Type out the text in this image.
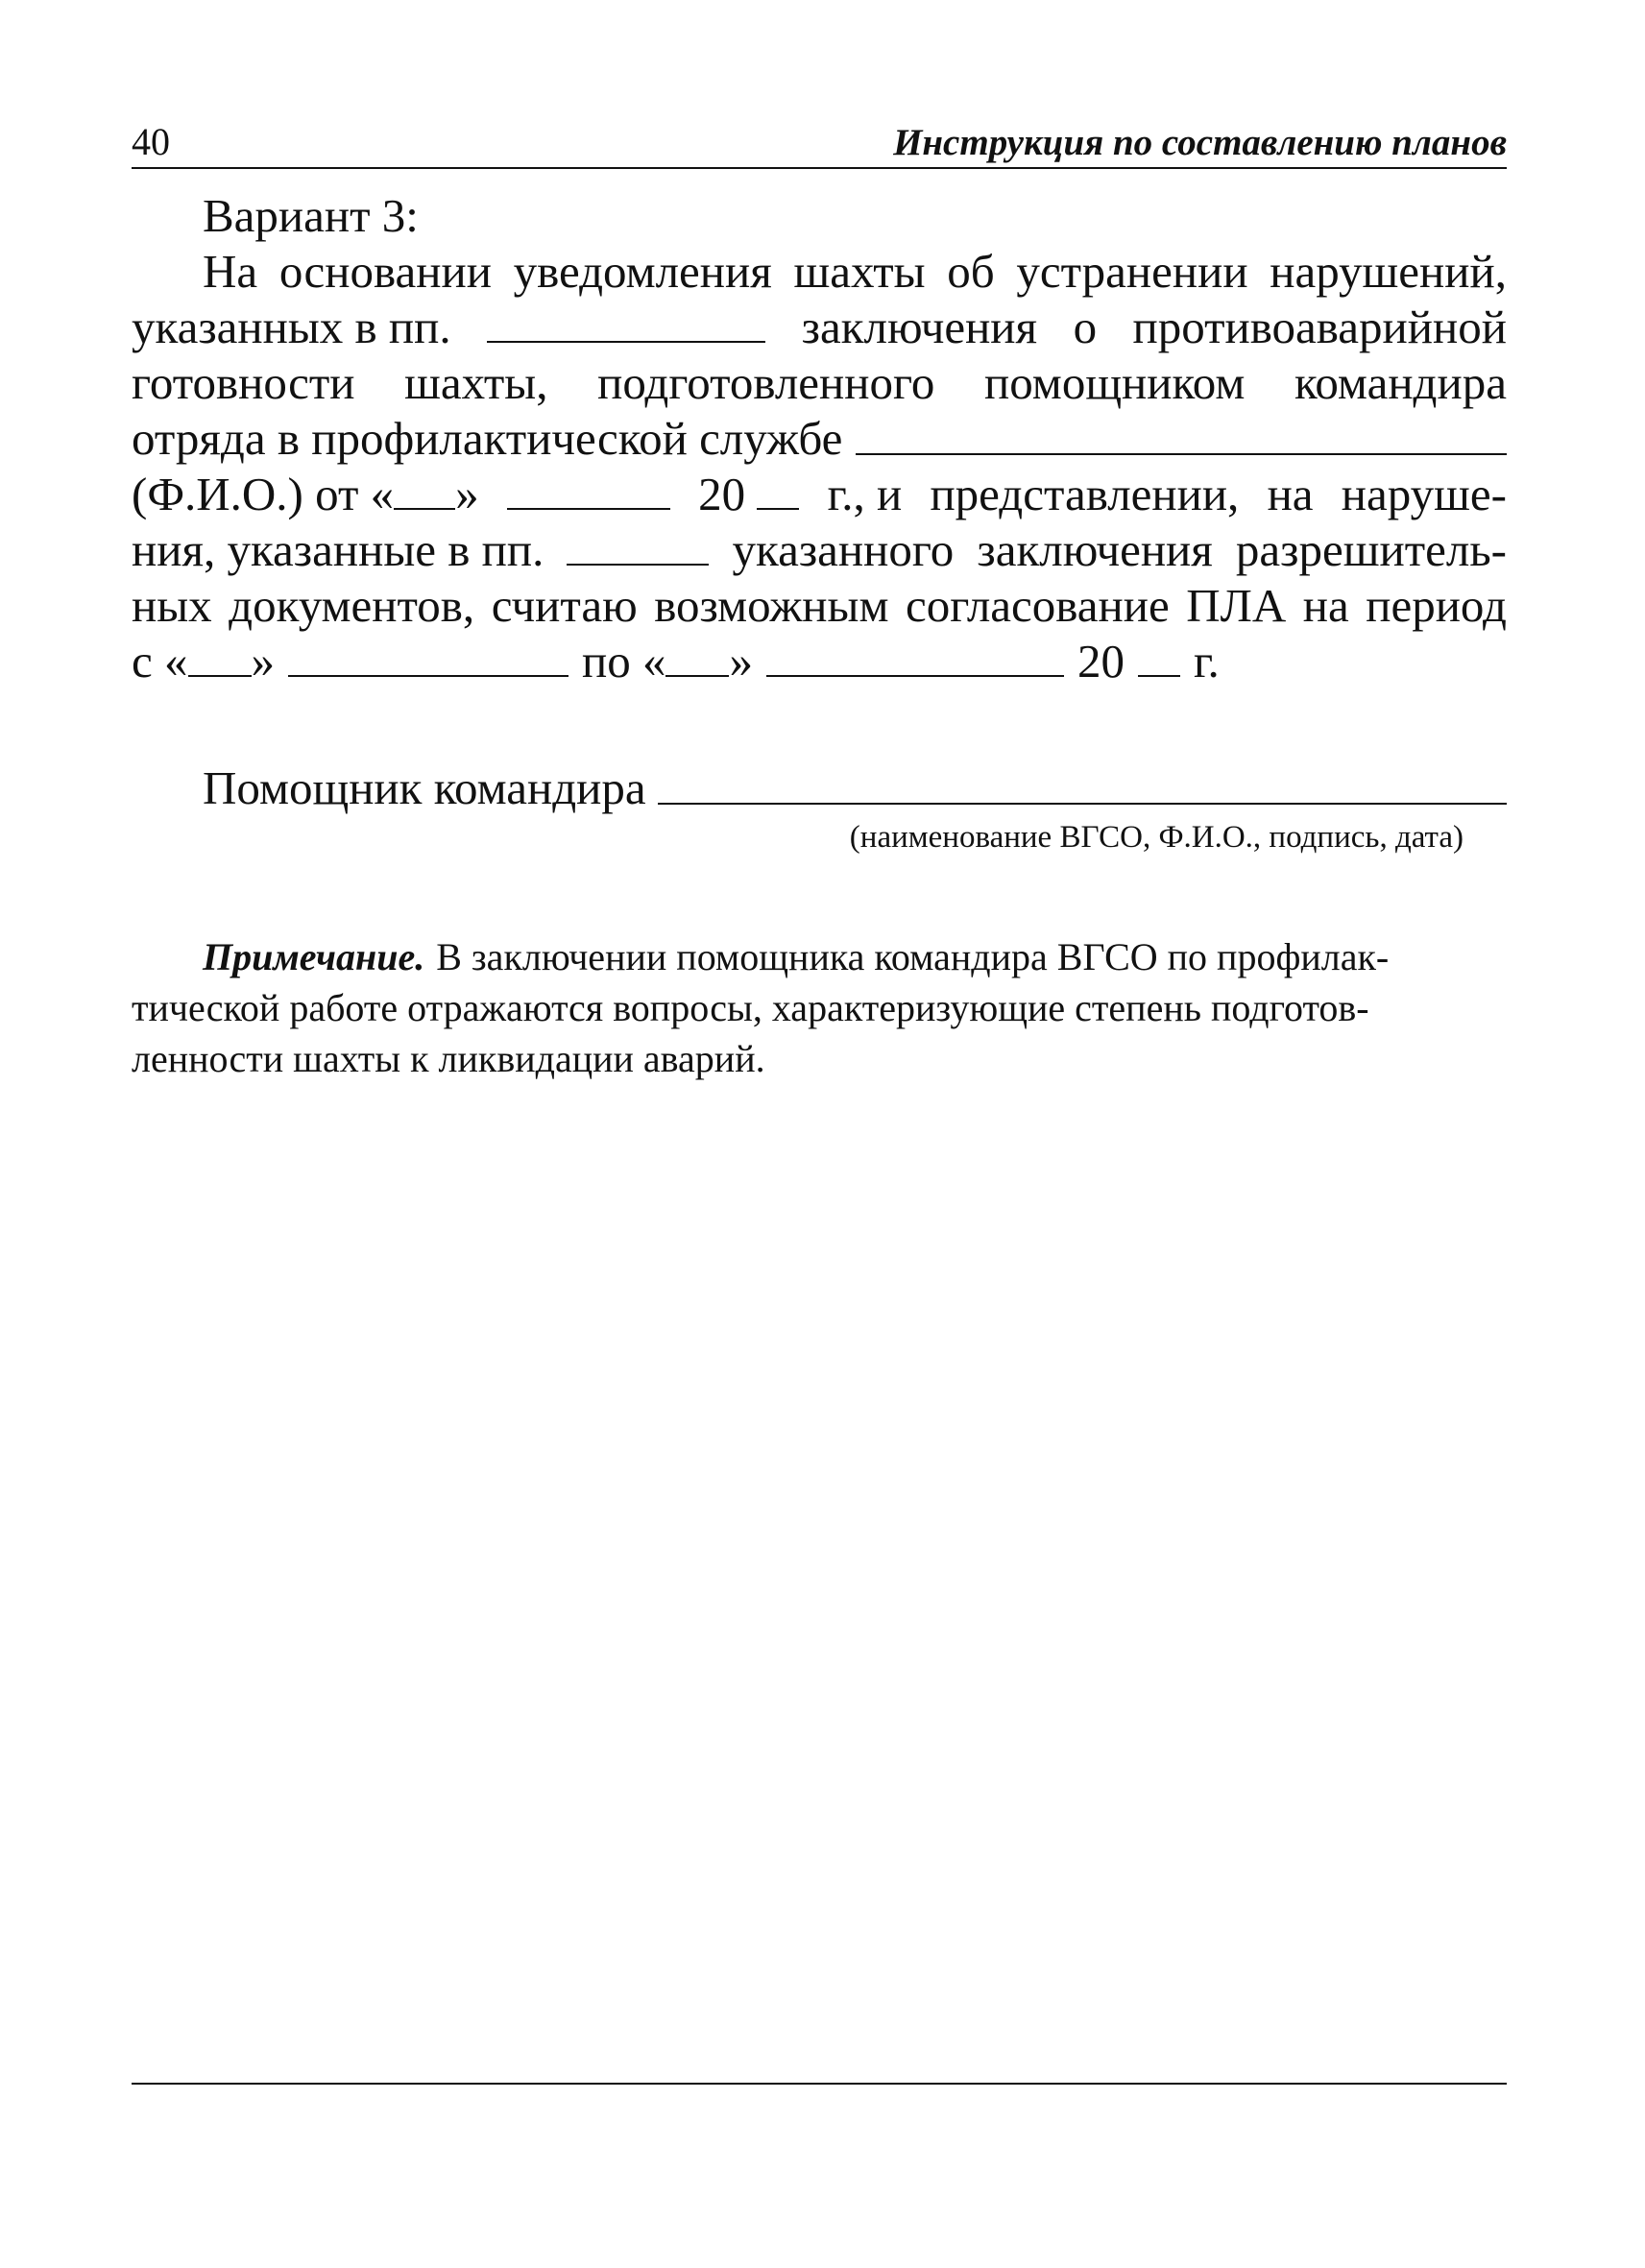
40	Инструкция по составлению планов
Вариант 3:
На основании уведомления шахты об устранении нарушений,
указанных в пп.	заключения о противоаварийной
готовности шахты, подготовленного помощником командира
отряда в профилактической службе
(Ф.И.О.) от « »	20	г., и представлении, на наруше-
ния, указанные в пп.	указанного заключения разрешитель-
ных документов, считаю возможным согласование ПЛА на период
с « »	по « »	20 г.
Помощник командира
(наименование ВГСО, Ф.И.О., подпись, дата)
Примечание. В заключении помощника командира ВГСО по профилак-
тической работе отражаются вопросы, характеризующие степень подготов-
ленности шахты к ликвидации аварий.
